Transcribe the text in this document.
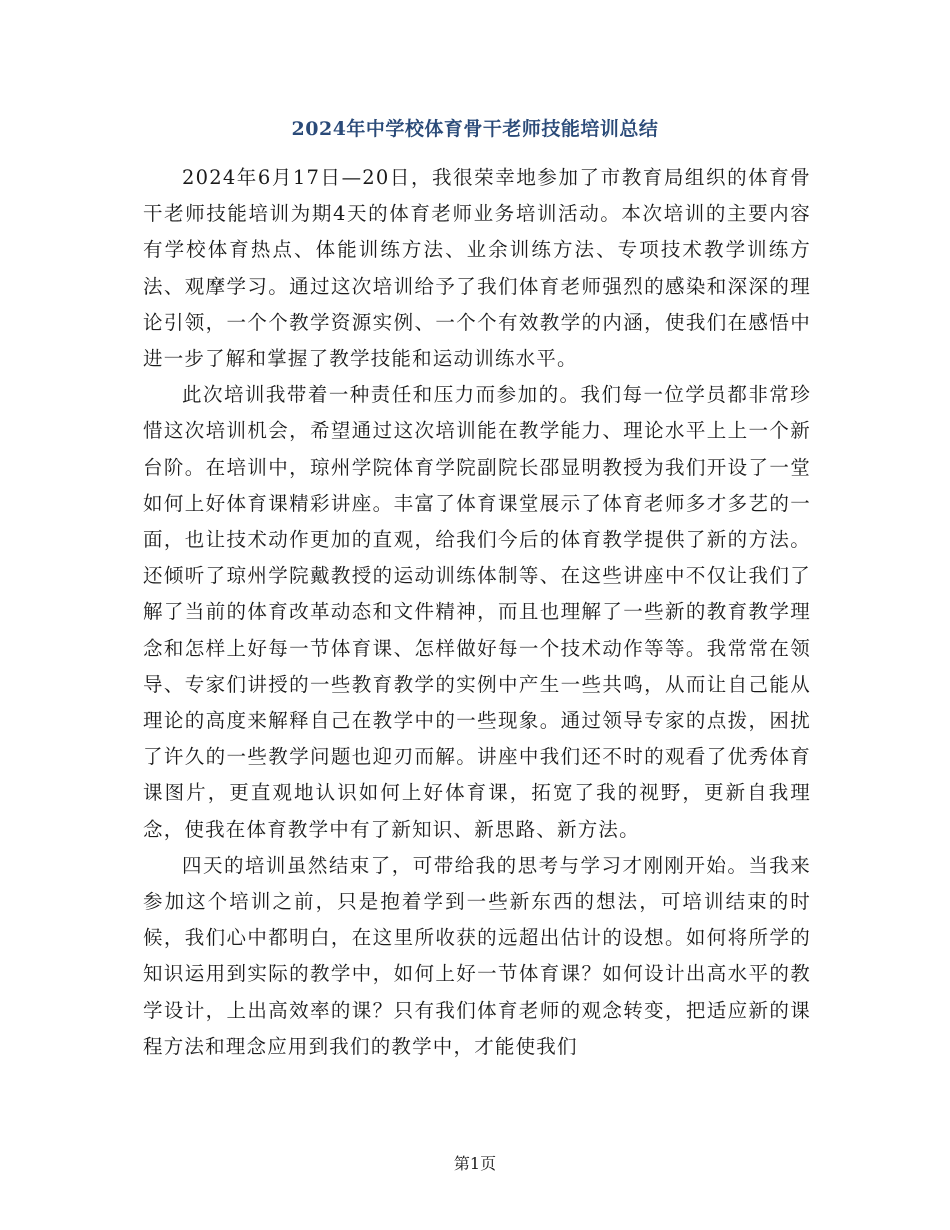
2024年中学校体育骨干老师技能培训总结

2024年6月17日—20日，我很荣幸地参加了市教育局组织的体育骨干老师技能培训为期4天的体育老师业务培训活动。本次培训的主要内容有学校体育热点、体能训练方法、业余训练方法、专项技术教学训练方法、观摩学习。通过这次培训给予了我们体育老师强烈的感染和深深的理论引领，一个个教学资源实例、一个个有效教学的内涵，使我们在感悟中进一步了解和掌握了教学技能和运动训练水平。

此次培训我带着一种责任和压力而参加的。我们每一位学员都非常珍惜这次培训机会，希望通过这次培训能在教学能力、理论水平上上一个新台阶。在培训中，琼州学院体育学院副院长邵显明教授为我们开设了一堂如何上好体育课精彩讲座。丰富了体育课堂展示了体育老师多才多艺的一面，也让技术动作更加的直观，给我们今后的体育教学提供了新的方法。还倾听了琼州学院戴教授的运动训练体制等、在这些讲座中不仅让我们了解了当前的体育改革动态和文件精神，而且也理解了一些新的教育教学理念和怎样上好每一节体育课、怎样做好每一个技术动作等等。我常常在领导、专家们讲授的一些教育教学的实例中产生一些共鸣，从而让自己能从理论的高度来解释自己在教学中的一些现象。通过领导专家的点拨，困扰了许久的一些教学问题也迎刃而解。讲座中我们还不时的观看了优秀体育课图片，更直观地认识如何上好体育课，拓宽了我的视野，更新自我理念，使我在体育教学中有了新知识、新思路、新方法。

四天的培训虽然结束了，可带给我的思考与学习才刚刚开始。当我来参加这个培训之前，只是抱着学到一些新东西的想法，可培训结束的时候，我们心中都明白，在这里所收获的远超出估计的设想。如何将所学的知识运用到实际的教学中，如何上好一节体育课？如何设计出高水平的教学设计，上出高效率的课？只有我们体育老师的观念转变，把适应新的课程方法和理念应用到我们的教学中，才能使我们

第1页
